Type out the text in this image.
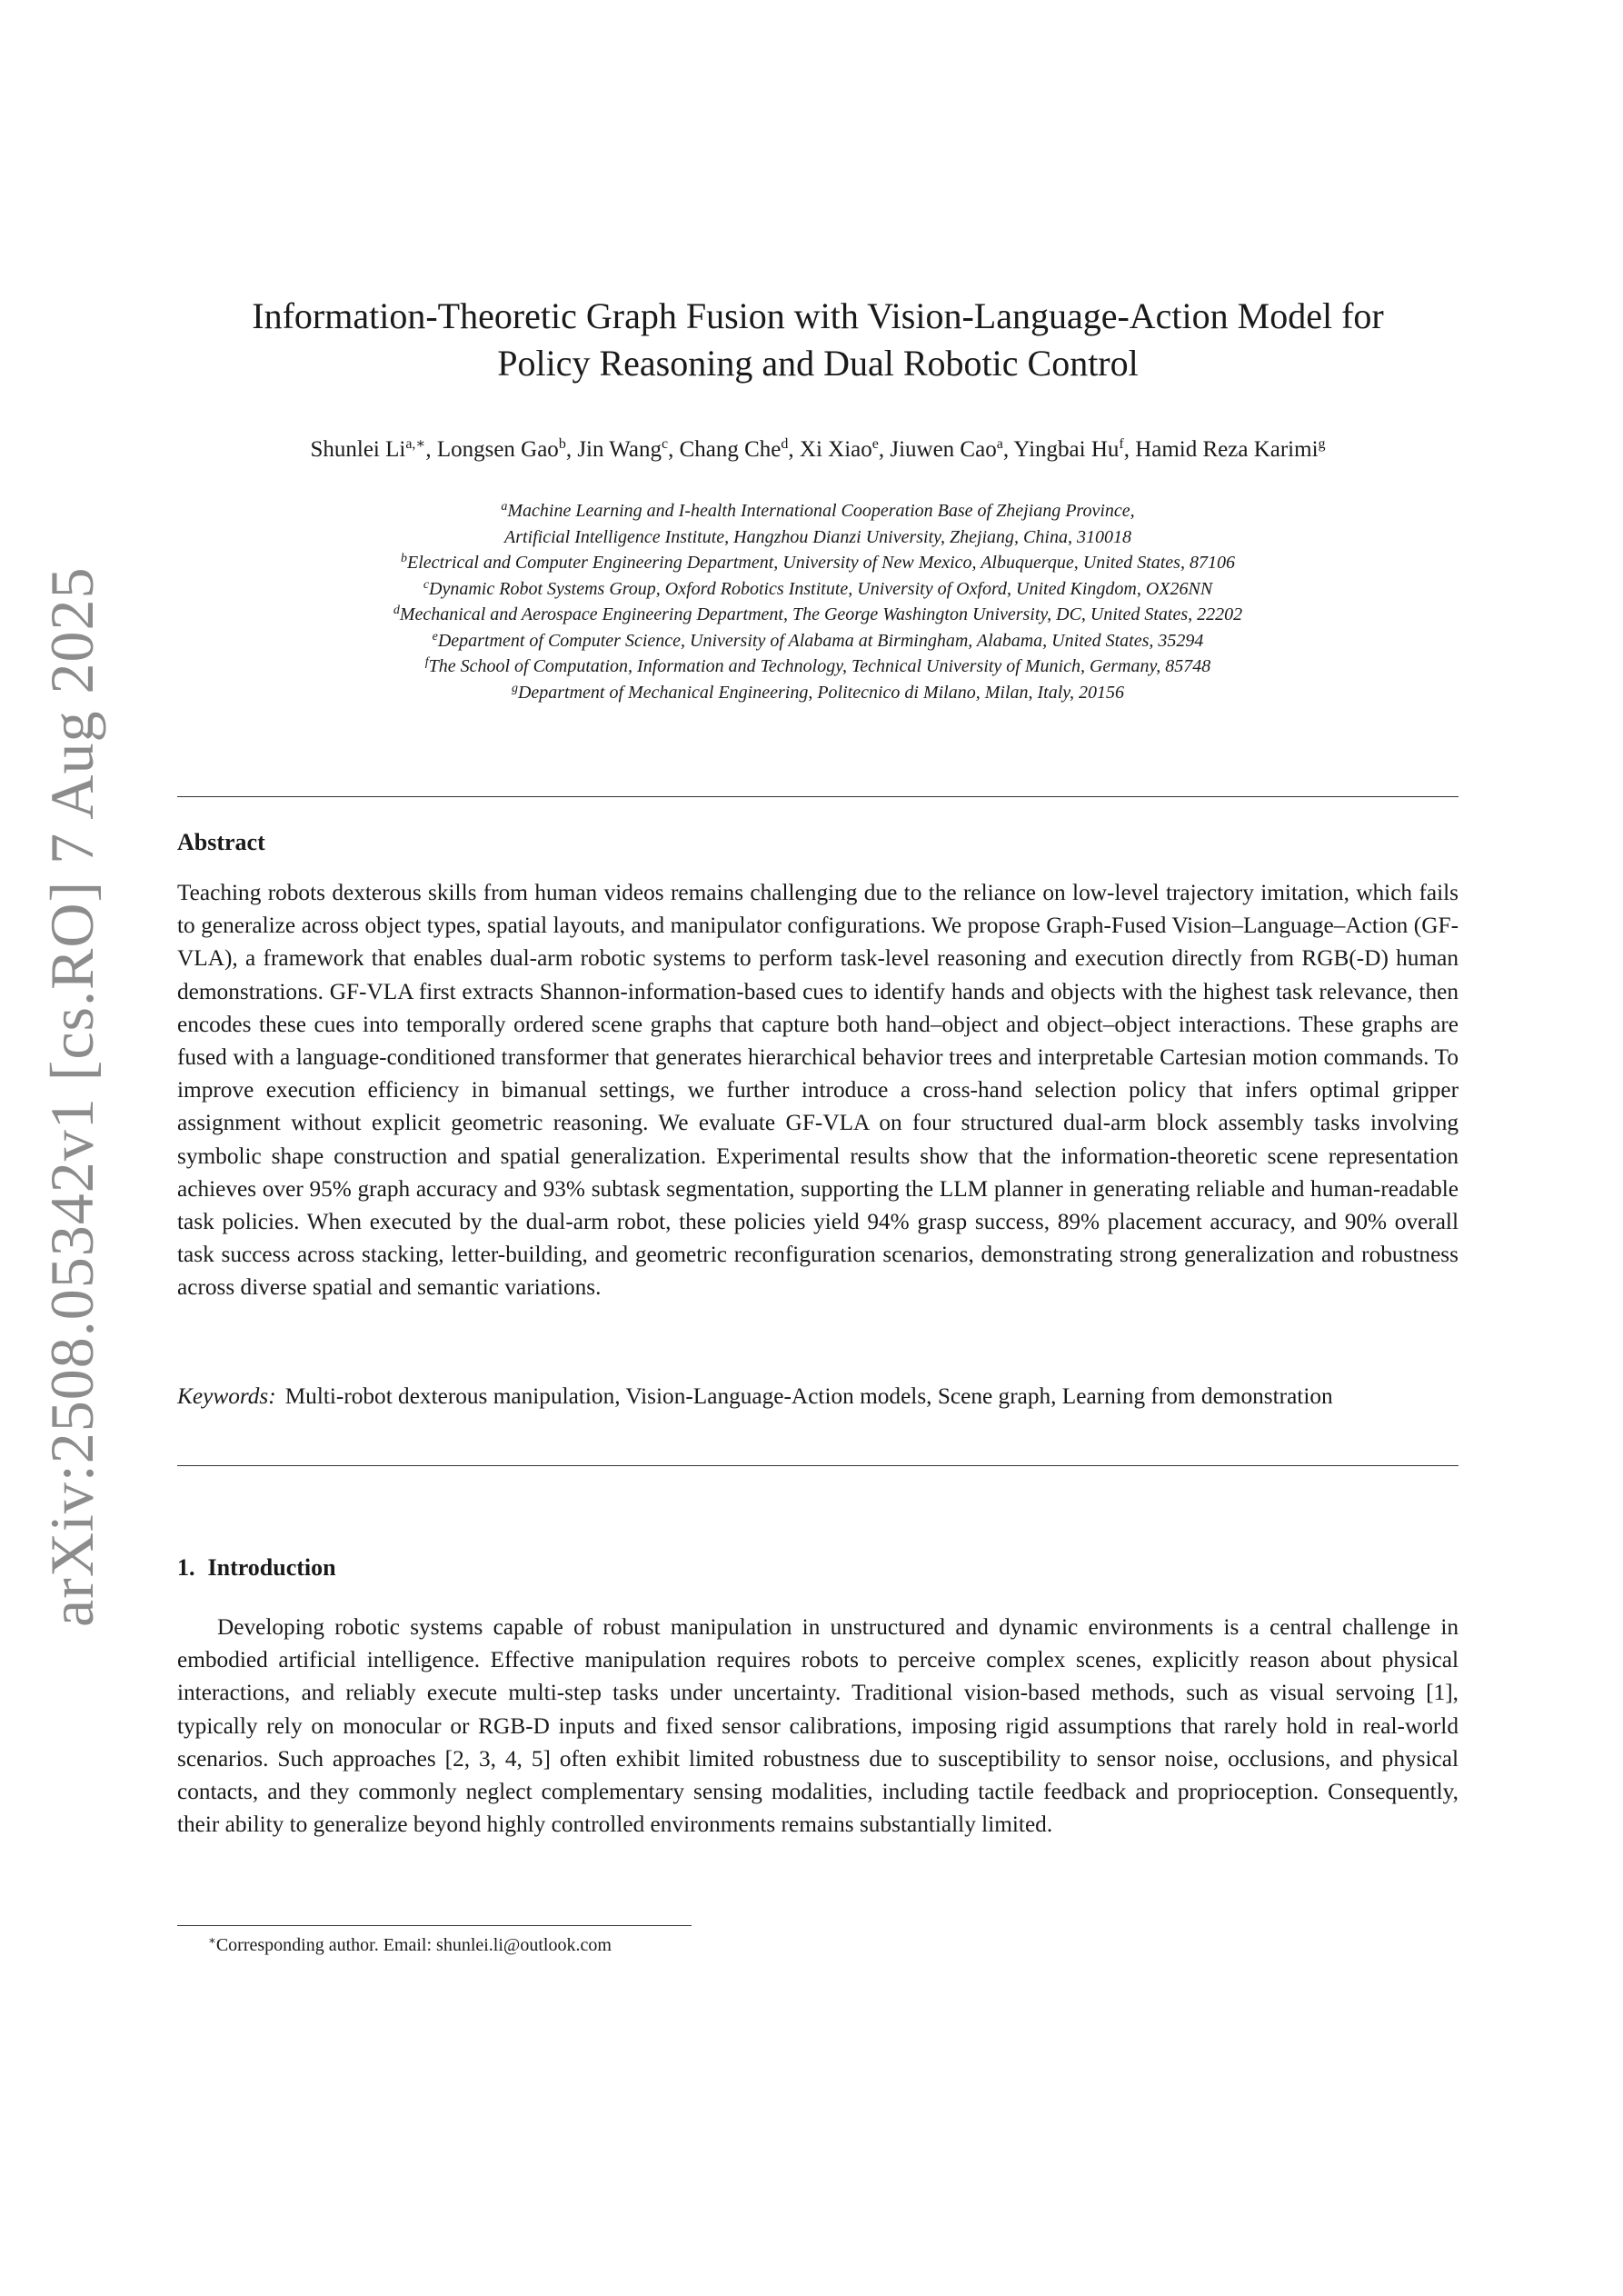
arXiv:2508.05342v1 [cs.RO] 7 Aug 2025
Information-Theoretic Graph Fusion with Vision-Language-Action Model for
Policy Reasoning and Dual Robotic Control
Shunlei $Li^{a,∗}$, Longsen Gao$^b$, Jin Wang$^c$, Chang Che$^d$, Xi Xiao$^e$, Jiuwen Cao$^a$, Yingbai Hu$^f$, Hamid Reza Karimi$^g$
$^a$Machine Learning and I-health International Cooperation Base of Zhejiang Province,
Artificial Intelligence Institute, Hangzhou Dianzi University, Zhejiang, China, 310018
$^b$Electrical and Computer Engineering Department, University of New Mexico, Albuquerque, United States, 87106
$^c$Dynamic Robot Systems Group, Oxford Robotics Institute, University of Oxford, United Kingdom, OX26NN
$^d$Mechanical and Aerospace Engineering Department, The George Washington University, DC, United States, 22202
$^e$Department of Computer Science, University of Alabama at Birmingham, Alabama, United States, 35294
$^f$The School of Computation, Information and Technology, Technical University of Munich, Germany, 85748
$^g$Department of Mechanical Engineering, Politecnico di Milano, Milan, Italy, 20156
Abstract
Teaching robots dexterous skills from human videos remains challenging due to the reliance on low-level trajectory imitation, which fails to generalize across object types, spatial layouts, and manipulator configurations. We propose Graph-Fused Vision–Language–Action (GF-VLA), a framework that enables dual-arm robotic systems to perform task-level reasoning and execution directly from RGB(-D) human demonstrations. GF-VLA first extracts Shannon-information-based cues to identify hands and objects with the highest task relevance, then encodes these cues into temporally ordered scene graphs that capture both hand–object and object–object interactions. These graphs are fused with a language-conditioned transformer that generates hierarchical behavior trees and interpretable Cartesian motion commands. To improve execution efficiency in bimanual settings, we further introduce a cross-hand selection policy that infers optimal gripper assignment without explicit geometric reasoning. We evaluate GF-VLA on four structured dual-arm block assembly tasks involving symbolic shape construction and spatial generalization. Experimental results show that the information-theoretic scene representation achieves over 95% graph accuracy and 93% subtask segmentation, supporting the LLM planner in generating reliable and human-readable task policies. When executed by the dual-arm robot, these policies yield 94% grasp success, 89% placement accuracy, and 90% overall task success across stacking, letter-building, and geometric reconfiguration scenarios, demonstrating strong generalization and robustness across diverse spatial and semantic variations.
Keywords: Multi-robot dexterous manipulation, Vision-Language-Action models, Scene graph, Learning from demonstration
1. Introduction
Developing robotic systems capable of robust manipulation in unstructured and dynamic environments is a central challenge in embodied artificial intelligence. Effective manipulation requires robots to perceive complex scenes, explicitly reason about physical interactions, and reliably execute multi-step tasks under uncertainty. Traditional vision-based methods, such as visual servoing [1], typically rely on monocular or RGB-D inputs and fixed sensor calibrations, imposing rigid assumptions that rarely hold in real-world scenarios. Such approaches [2, 3, 4, 5] often exhibit limited robustness due to susceptibility to sensor noise, occlusions, and physical contacts, and they commonly neglect complementary sensing modalities, including tactile feedback and proprioception. Consequently, their ability to generalize beyond highly controlled environments remains substantially limited.
∗Corresponding author. Email: shunlei.li@outlook.com
